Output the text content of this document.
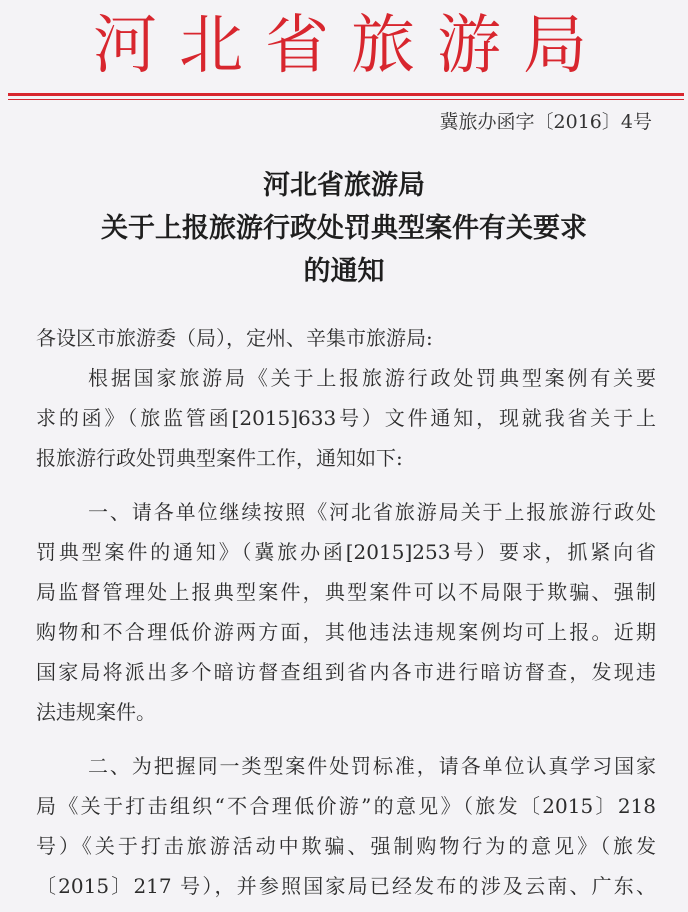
河北省旅游局
冀旅办函字〔2016〕4号
河北省旅游局
关于上报旅游行政处罚典型案件有关要求
的通知
各设区市旅游委（局），定州、辛集市旅游局:
根据国家旅游局《关于上报旅游行政处罚典型案例有关要
求的函》（旅监管函[2015]633号）文件通知，现就我省关于上
报旅游行政处罚典型案件工作，通知如下:
一、请各单位继续按照《河北省旅游局关于上报旅游行政处
罚典型案件的通知》（冀旅办函[2015]253号）要求，抓紧向省
局监督管理处上报典型案件，典型案件可以不局限于欺骗、强制
购物和不合理低价游两方面，其他违法违规案例均可上报。近期
国家局将派出多个暗访督查组到省内各市进行暗访督查，发现违
法违规案件。
二、为把握同一类型案件处罚标准，请各单位认真学习国家
局《关于打击组织“不合理低价游”的意见》（旅发〔2015〕218
号）《关于打击旅游活动中欺骗、强制购物行为的意见》（旅发
〔2015〕217 号），并参照国家局已经发布的涉及云南、广东、
